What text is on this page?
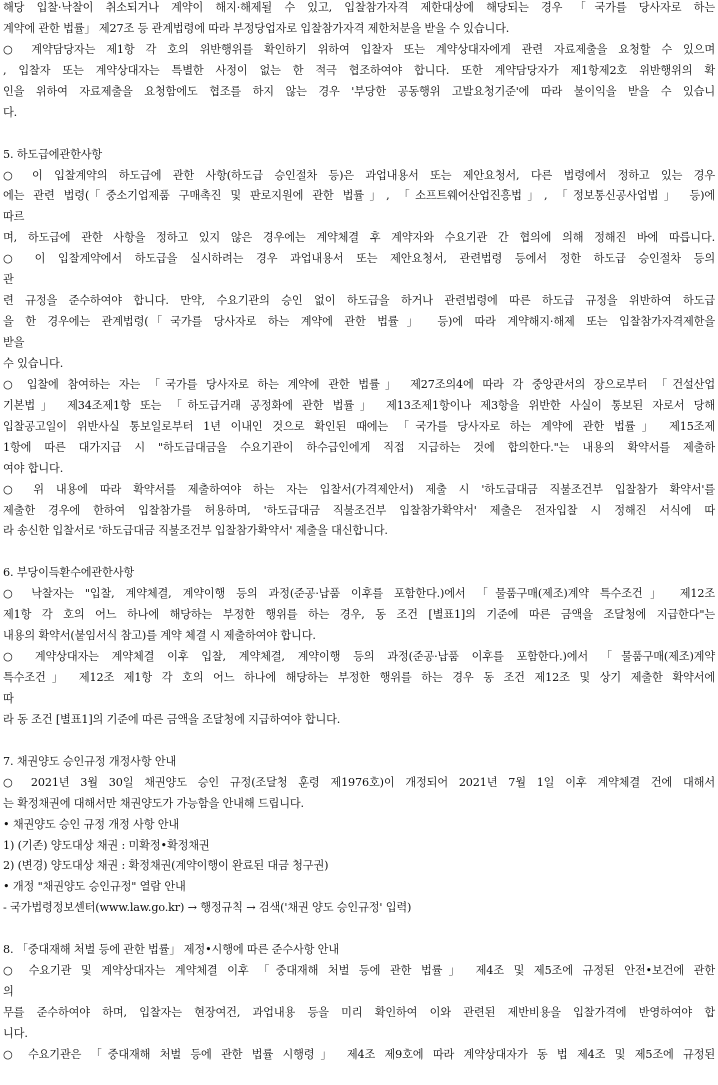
해당 입찰·낙찰이 취소되거나 계약이 해지·해제될 수 있고, 입찰참가자격 제한대상에 해당되는 경우 「국가를 당사자로 하는
계약에 관한 법률」 제27조 등 관계법령에 따라 부정당업자로 입찰참가자격 제한처분을 받을 수 있습니다.
○ 계약담당자는 제1항 각 호의 위반행위를 확인하기 위하여 입찰자 또는 계약상대자에게 관련 자료제출을 요청할 수 있으며
, 입찰자 또는 계약상대자는 특별한 사정이 없는 한 적극 협조하여야 합니다. 또한 계약담당자가 제1항제2호 위반행위의 확
인을 위하여 자료제출을 요청함에도 협조를 하지 않는 경우 '부당한 공동행위 고발요청기준'에 따라 불이익을 받을 수 있습니
다.
5. 하도급에관한사항
○ 이 입찰계약의 하도급에 관한 사항(하도급 승인절차 등)은 과업내용서 또는 제안요청서, 다른 법령에서 정하고 있는 경우
에는 관련 법령(「중소기업제품 구매촉진 및 판로지원에 관한 법률」, 「소프트웨어산업진흥법」, 「정보통신공사업법」 등)에
따르
며, 하도급에 관한 사항을 정하고 있지 않은 경우에는 계약체결 후 계약자와 수요기관 간 협의에 의해 정해진 바에 따릅니다.
○ 이 입찰계약에서 하도급을 실시하려는 경우 과업내용서 또는 제안요청서, 관련법령 등에서 정한 하도급 승인절차 등의
관
련 규정을 준수하여야 합니다. 만약, 수요기관의 승인 없이 하도급을 하거나 관련법령에 따른 하도급 규정을 위반하여 하도급
을 한 경우에는 관계법령(「국가를 당사자로 하는 계약에 관한 법률」 등)에 따라 계약해지·해제 또는 입찰참가자격제한을
받을
수 있습니다.
○ 입찰에 참여하는 자는 「국가를 당사자로 하는 계약에 관한 법률」 제27조의4에 따라 각 중앙관서의 장으로부터 「건설산업
기본법」 제34조제1항 또는 「하도급거래 공정화에 관한 법률」 제13조제1항이나 제3항을 위반한 사실이 통보된 자로서 당해
입찰공고일이 위반사실 통보일로부터 1년 이내인 것으로 확인된 때에는 「국가를 당사자로 하는 계약에 관한 법률」 제15조제
1항에 따른 대가지급 시 "하도급대금을 수요기관이 하수급인에게 직접 지급하는 것에 합의한다."는 내용의 확약서를 제출하
여야 합니다.
○ 위 내용에 따라 확약서를 제출하여야 하는 자는 입찰서(가격제안서) 제출 시 '하도급대금 직불조건부 입찰참가 확약서'를
제출한 경우에 한하여 입찰참가를 허용하며, '하도급대금 직불조건부 입찰참가확약서' 제출은 전자입찰 시 정해진 서식에 따
라 송신한 입찰서로 '하도급대금 직불조건부 입찰참가확약서' 제출을 대신합니다.
6. 부당이득환수에관한사항
○ 낙찰자는 "입찰, 계약체결, 계약이행 등의 과정(준공·납품 이후를 포함한다.)에서 「물품구매(제조)계약 특수조건」 제12조
제1항 각 호의 어느 하나에 해당하는 부정한 행위를 하는 경우, 동 조건 [별표1]의 기준에 따른 금액을 조달청에 지급한다"는
내용의 확약서(붙임서식 참고)를 계약 체결 시 제출하여야 합니다.
○ 계약상대자는 계약체결 이후 입찰, 계약체결, 계약이행 등의 과정(준공·납품 이후를 포함한다.)에서 「물품구매(제조)계약
특수조건」 제12조 제1항 각 호의 어느 하나에 해당하는 부정한 행위를 하는 경우 동 조건 제12조 및 상기 제출한 확약서에
따
라 동 조건 [별표1]의 기준에 따른 금액을 조달청에 지급하여야 합니다.
7. 채권양도 승인규정 개정사항 안내
○ 2021년 3월 30일 채권양도 승인 규정(조달청 훈령 제1976호)이 개정되어 2021년 7월 1일 이후 계약체결 건에 대해서
는 확정채권에 대해서만 채권양도가 가능함을 안내해 드립니다.
• 채권양도 승인 규정 개정 사항 안내
1) (기존) 양도대상 채권 : 미확정•확정채권
2) (변경) 양도대상 채권 : 확정채권(계약이행이 완료된 대금 청구권)
• 개정 "채권양도 승인규정" 열람 안내
- 국가법령정보센터(www.law.go.kr) → 행정규칙 → 검색('채권 양도 승인규정' 입력)
8. 「중대재해 처벌 등에 관한 법률」 제정•시행에 따른 준수사항 안내
○ 수요기관 및 계약상대자는 계약체결 이후 「중대재해 처벌 등에 관한 법률」 제4조 및 제5조에 규정된 안전•보건에 관한
의
무를 준수하여야 하며, 입찰자는 현장여건, 과업내용 등을 미리 확인하여 이와 관련된 제반비용을 입찰가격에 반영하여야 합
니다.
○ 수요기관은 「중대재해 처벌 등에 관한 법률 시행령」 제4조 제9호에 따라 계약상대자가 동 법 제4조 및 제5조에 규정된
